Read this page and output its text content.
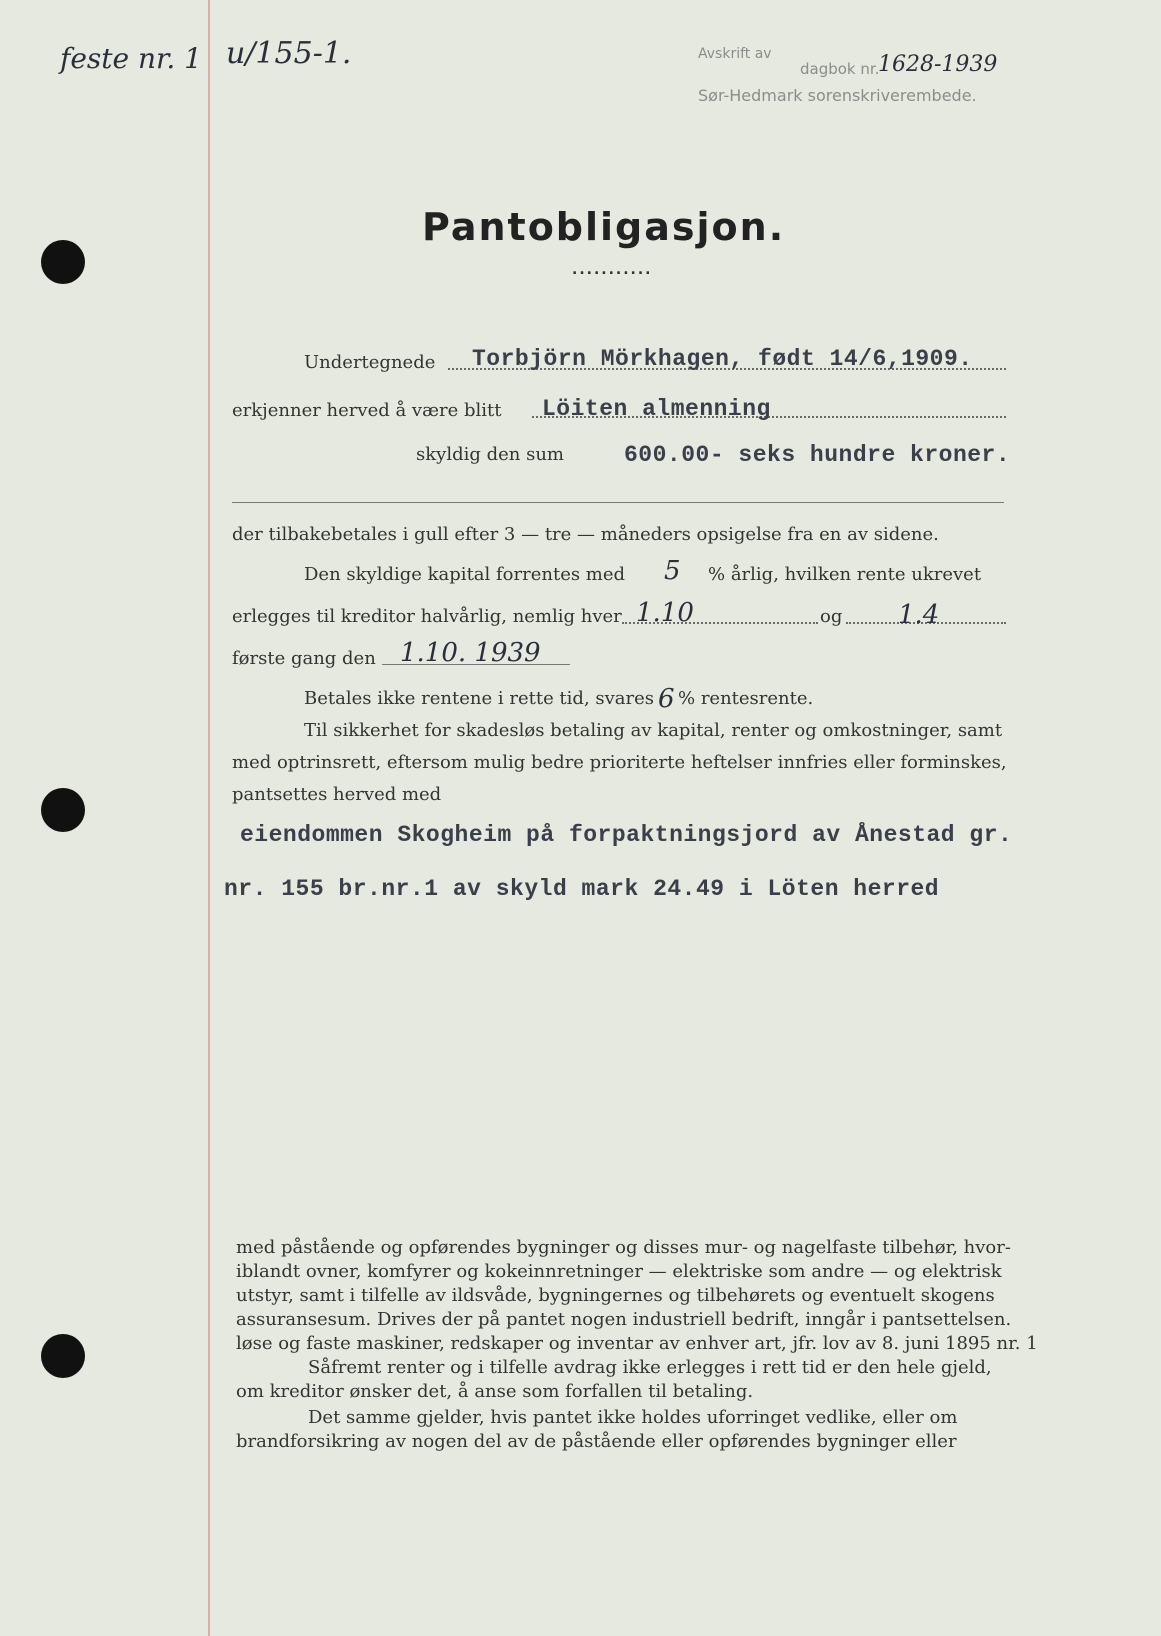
feste nr. 1 u/155-1.	Avskrift av
dagbok nr.
1628-1939
Sør-Hedmark sorenskriverembede.
Pantobligasjon.
...........
Undertegnede Torbjörn Mörkhagen, født 14/6,1909.
erkjenner herved å være blitt Löiten almenning
skyldig den sum	600.00- seks hundre kroner.
der tilbakebetales i gull efter 3 — tre — måneders opsigelse fra en av sidene.
Den skyldige kapital forrentes med 5 % årlig, hvilken rente ukrevet
erlegges til kreditor halvårlig, nemlig hver 1.10	og 1.4
første gang den 1.10. 1939
Betales ikke rentene i rette tid, svares 6 % rentesrente.
Til sikkerhet for skadesløs betaling av kapital, renter og omkostninger, samt
med optrinsrett, eftersom mulig bedre prioriterte heftelser innfries eller forminskes,
pantsettes herved med
eiendommen Skogheim på forpaktningsjord av Ånestad gr.
nr. 155 br.nr.1 av skyld mark 24.49 i Löten herred

med påstående og opførendes bygninger og disses mur- og nagelfaste tilbehør, hvor-

iblandt ovner, komfyrer og kokeinnretninger — elektriske som andre — og elektrisk

utstyr, samt i tilfelle av ildsvåde, bygningernes og tilbehørets og eventuelt skogens

assuransesum. Drives der på pantet nogen industriell bedrift, inngår i pantsettelsen.

løse og faste maskiner, redskaper og inventar av enhver art, jfr. lov av 8. juni 1895 nr. 1

Såfremt renter og i tilfelle avdrag ikke erlegges i rett tid er den hele gjeld,

om kreditor ønsker det, å anse som forfallen til betaling.

Det samme gjelder, hvis pantet ikke holdes uforringet vedlike, eller om

brandforsikring av nogen del av de påstående eller opførendes bygninger eller
